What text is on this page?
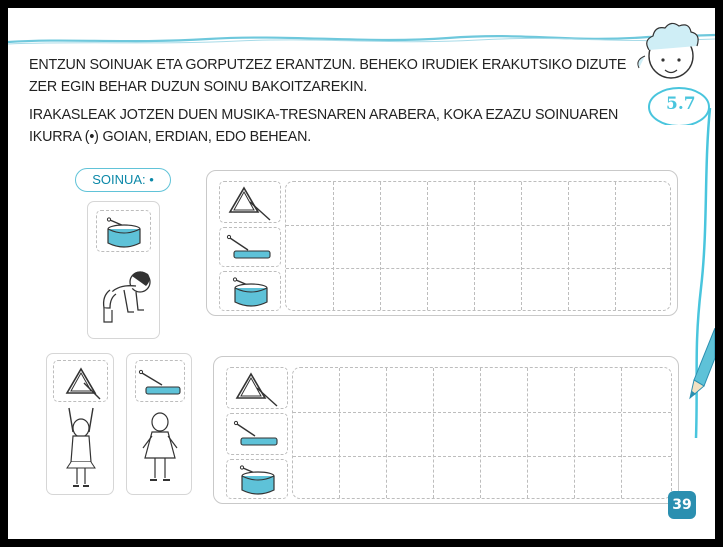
5.7

ENTZUN SOINUAK ETA GORPUTZEZ ERANTZUN. BEHEKO IRUDIEK ERAKUTSIKO DIZUTE

ZER EGIN BEHAR DUZUN SOINU BAKOITZAREKIN.

IRAKASLEAK JOTZEN DUEN MUSIKA-TRESNAREN ARABERA, KOKA EZAZU SOINUAREN

IKURRA (•) GOIAN, ERDIAN, EDO BEHEAN.

SOINUA: •
39
